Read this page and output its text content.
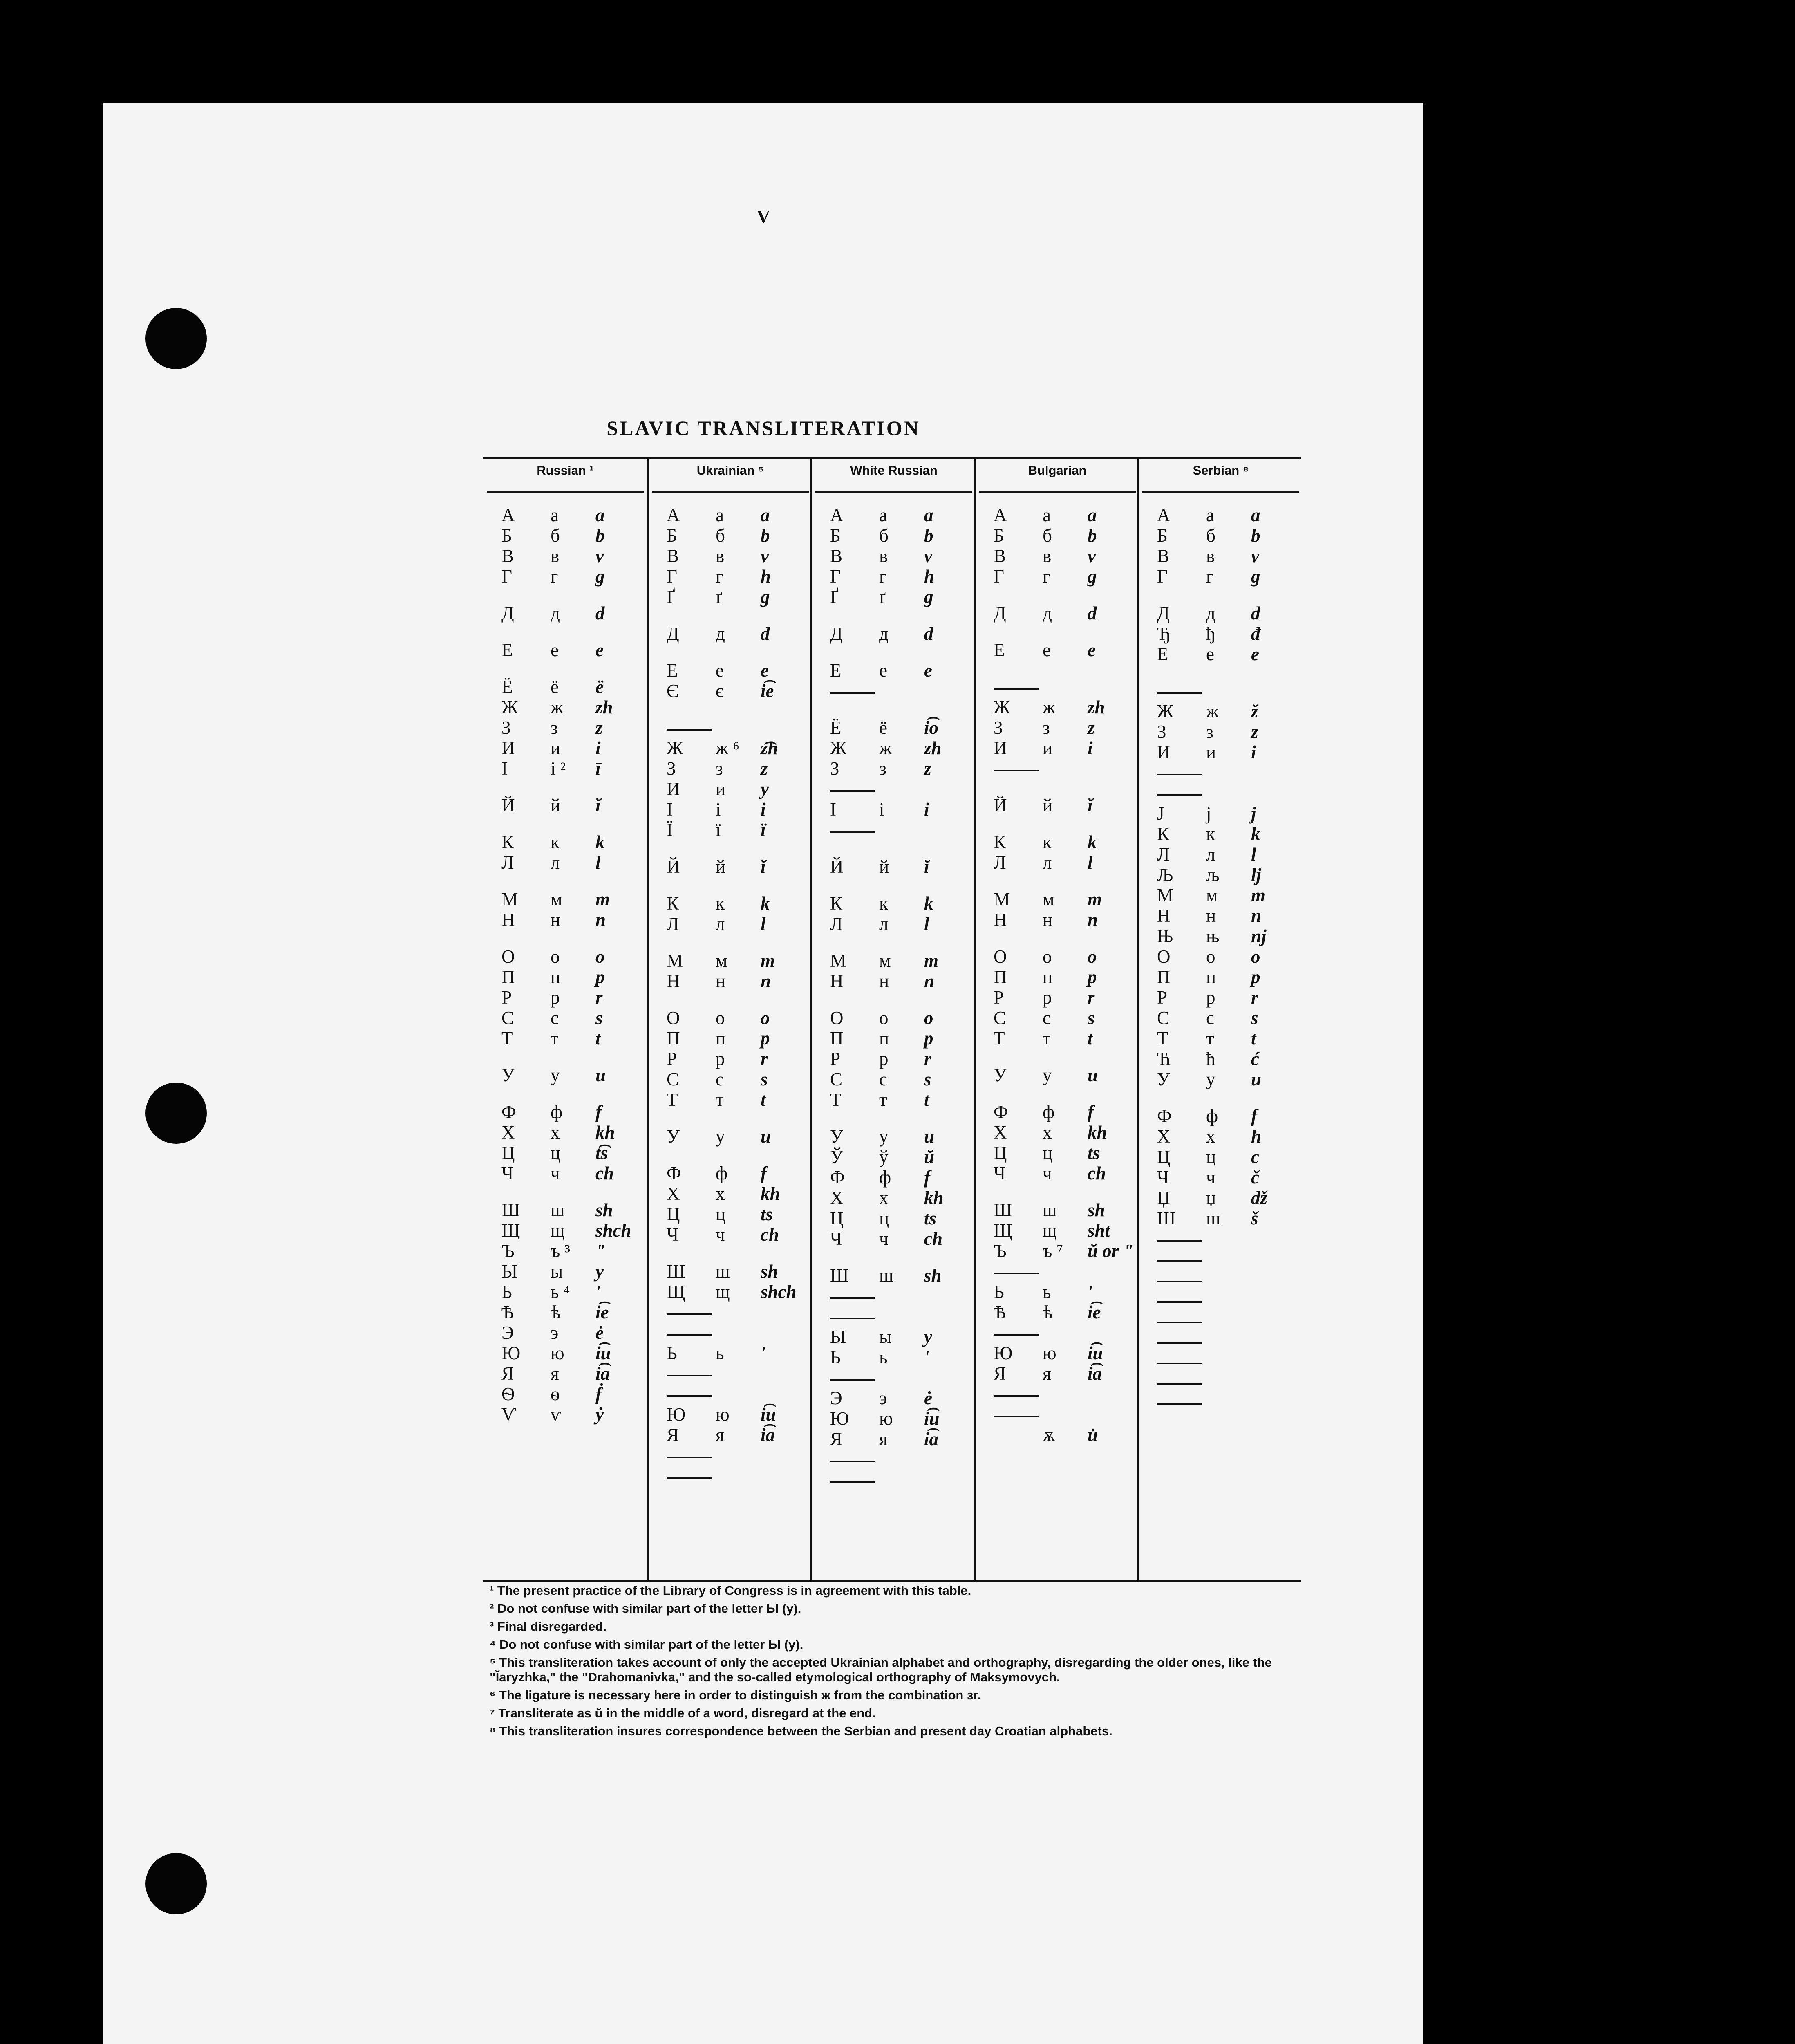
V
SLAVIC TRANSLITERATION
Russian ¹
А а a
Б б b
В в v
Г г g
Д д d
Е е e
Ё ё ë
Ж ж zh
З з z
И и i
І і ² ī
Й й ĭ
К к k
Л л l
М м m
Н н n
О о o
П п p
Р р r
С с s
Т т t
У у u
Ф ф f
Х х kh
Ц ц t͡s
Ч ч ch
Ш ш sh
Щ щ shch
Ъ ъ ³ ʺ
Ы ы y
Ь ь ⁴ ʹ
Ѣ ѣ i͡e
Э э ė
Ю ю i͡u
Я я i͡a
Ѳ ѳ ḟ
Ѵ ѵ ẏ
Ukrainian ⁵
А а a
Б б b
В в v
Г г h
Ґ ґ g
Д д d
Е е e
Є є i͡e
Ж ж ⁶ z͡h
З з z
И и y
І і i
Ї ї ï
Й й ĭ
К к k
Л л l
М м m
Н н n
О о o
П п p
Р р r
С с s
Т т t
У у u
Ф ф f
Х х kh
Ц ц ts
Ч ч ch
Ш ш sh
Щ щ shch
Ь ь ʹ
Ю ю i͡u
Я я i͡a
White Russian
А а a
Б б b
В в v
Г г h
Ґ ґ g
Д д d
Е е e
Ё ё i͡o
Ж ж zh
З з z
І і i
Й й ĭ
К к k
Л л l
М м m
Н н n
О о o
П п p
Р р r
С с s
Т т t
У у u
Ў ў ŭ
Ф ф f
Х х kh
Ц ц ts
Ч ч ch
Ш ш sh
Ы ы y
Ь ь ʹ
Э э ė
Ю ю i͡u
Я я i͡a
Bulgarian
А а a
Б б b
В в v
Г г g
Д д d
Е е e
Ж ж zh
З з z
И и i
Й й ĭ
К к k
Л л l
М м m
Н н n
О о o
П п p
Р р r
С с s
Т т t
У у u
Ф ф f
Х х kh
Ц ц ts
Ч ч ch
Ш ш sh
Щ щ sht
Ъ ъ ⁷ ŭ or ʺ
Ь ь ʹ
Ѣ ѣ i͡e
Ю ю i͡u
Я я i͡a
ѫ u̇
Serbian ⁸
А а a
Б б b
В в v
Г г g
Д д d
Ђ ђ đ
Е е e
Ж ж ž
З з z
И и i
Ј ј j
К к k
Л л l
Љ љ lj
М м m
Н н n
Њ њ nj
О о o
П п p
Р р r
С с s
Т т t
Ћ ћ ć
У у u
Ф ф f
Х х h
Ц ц c
Ч ч č
Џ џ dž
Ш ш š
¹ The present practice of the Library of Congress is in agreement with this table.
² Do not confuse with similar part of the letter Ы (y).
³ Final disregarded.
⁴ Do not confuse with similar part of the letter Ы (y).
⁵ This transliteration takes account of only the accepted Ukrainian alphabet and orthography, disregarding the older ones, like the "Ĭaryzhka," the "Drahomanivka," and the so-called etymological orthography of Maksymovych.
⁶ The ligature is necessary here in order to distinguish ж from the combination зг.
⁷ Transliterate as ŭ in the middle of a word, disregard at the end.
⁸ This transliteration insures correspondence between the Serbian and present day Croatian alphabets.
